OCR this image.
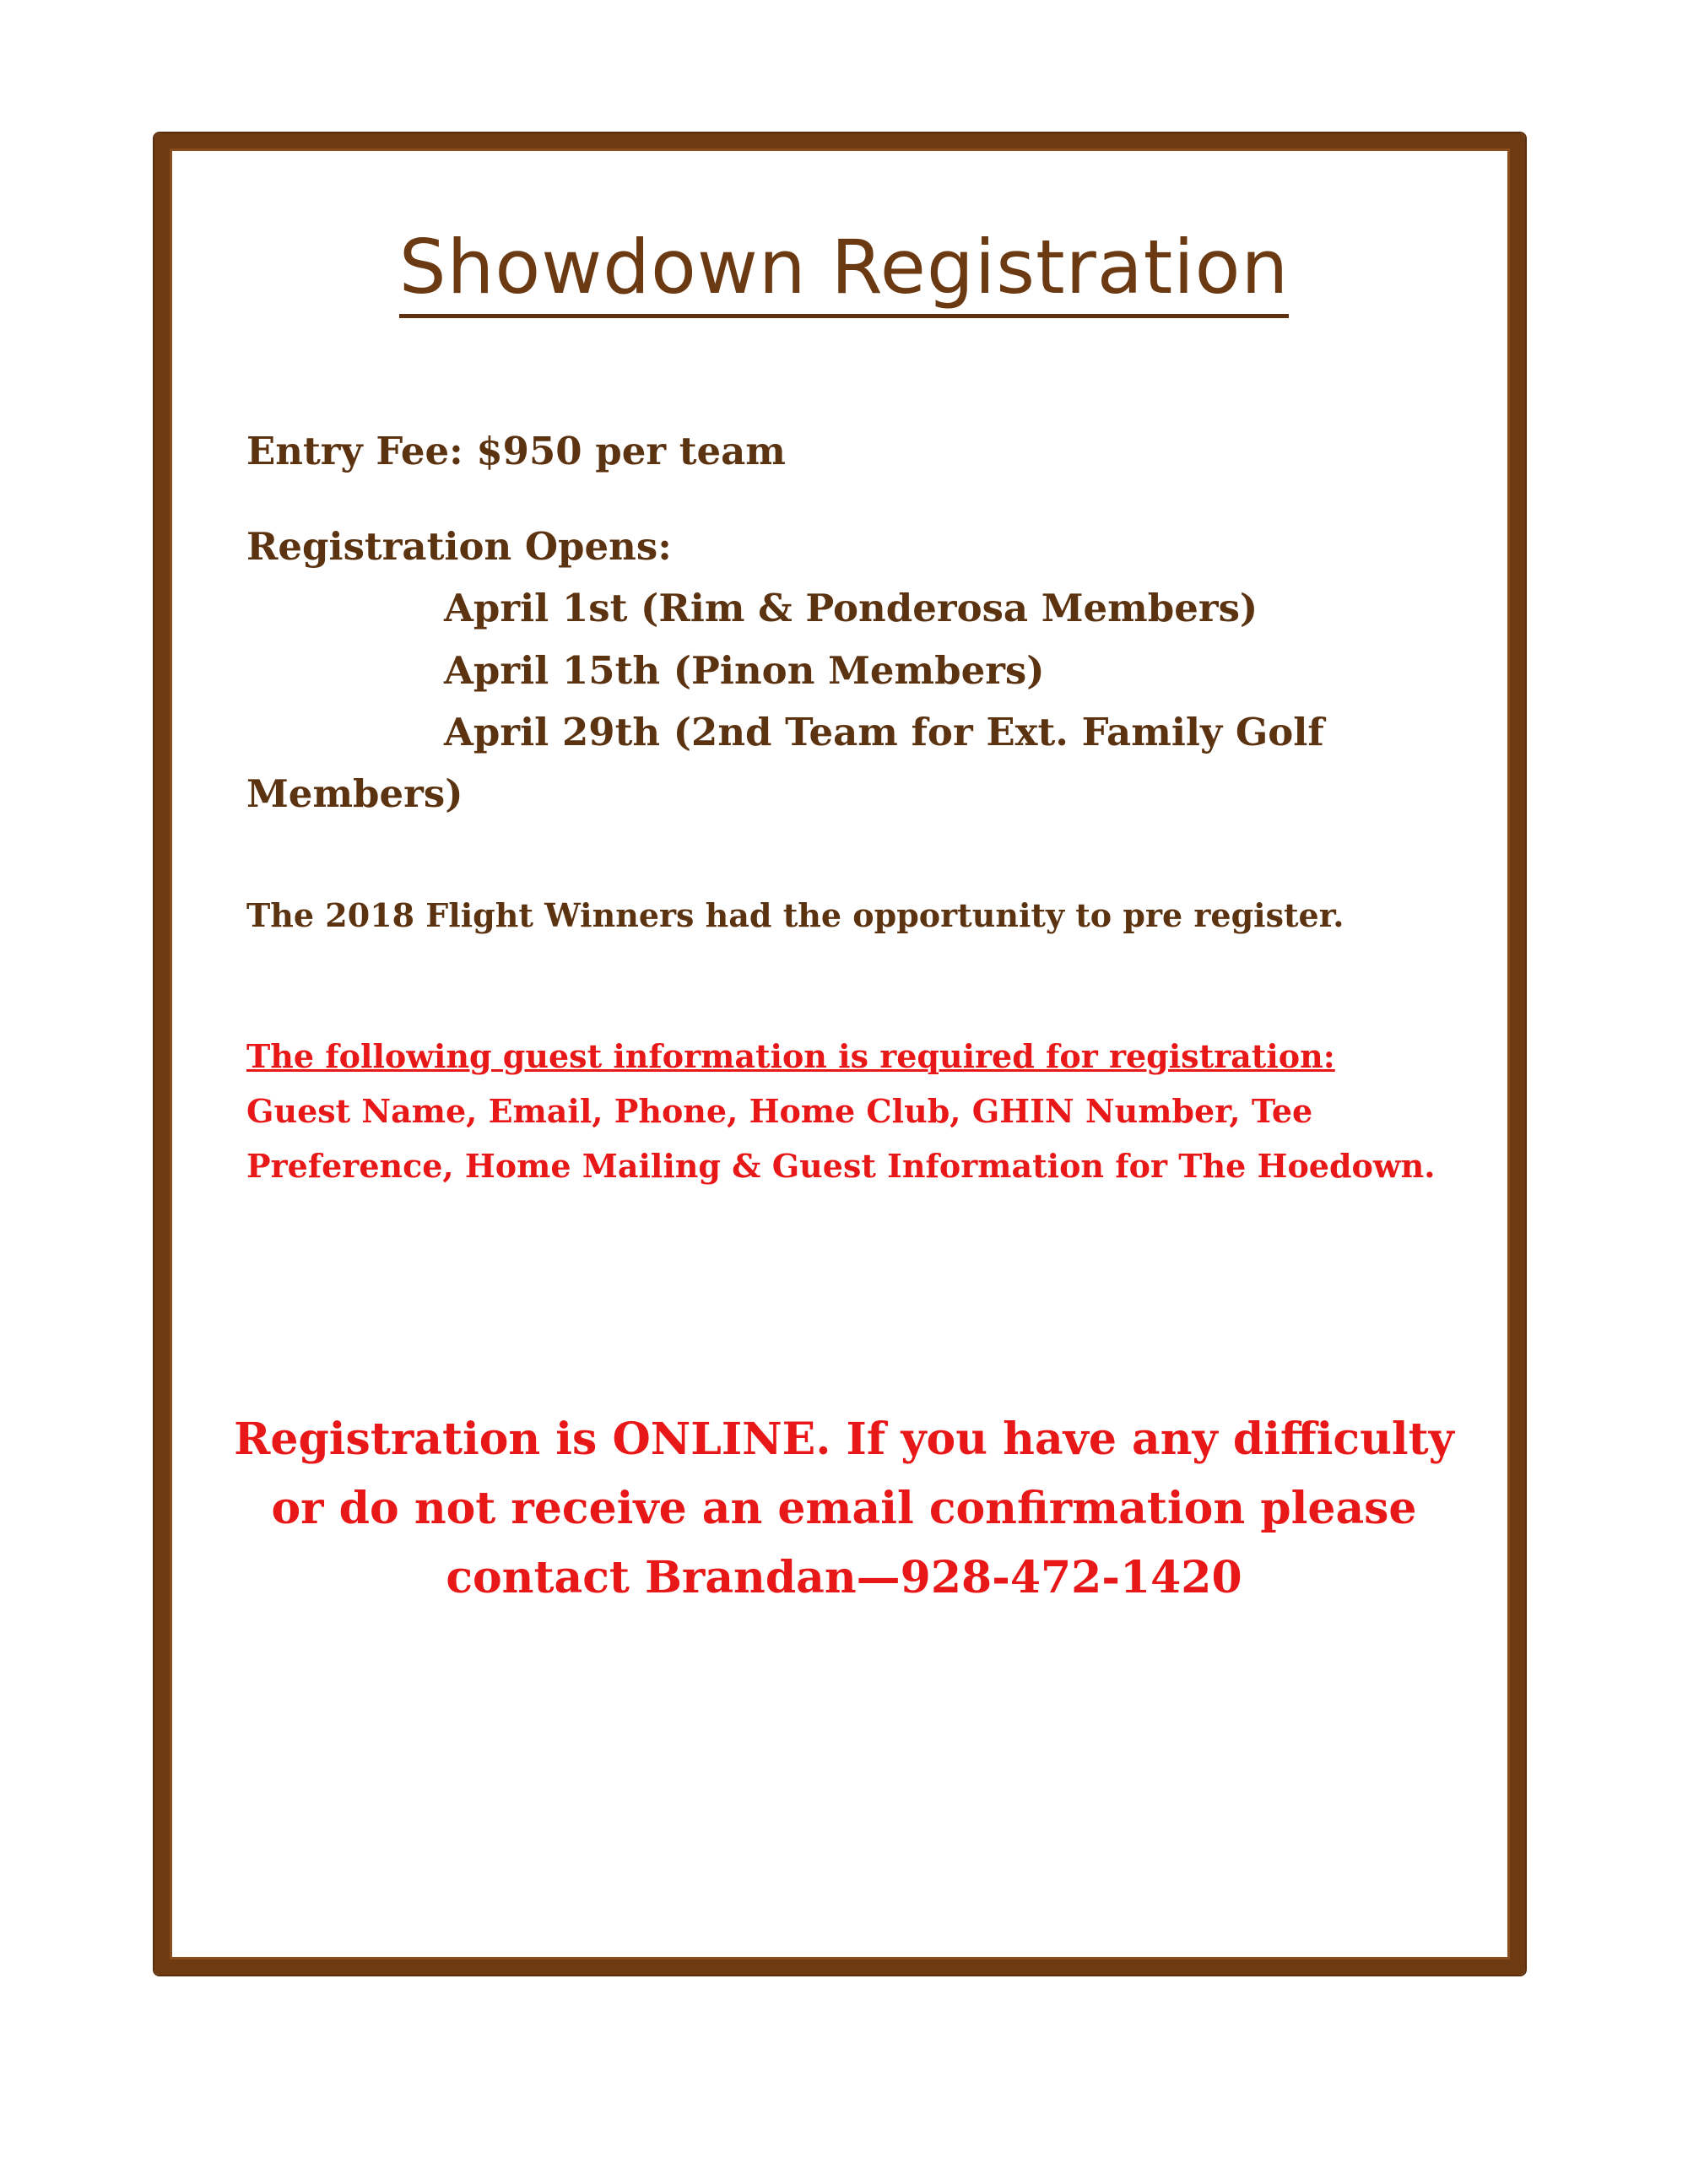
Showdown Registration
Entry Fee: $950 per team
Registration Opens:
April 1st (Rim & Ponderosa Members)
April 15th (Pinon Members)
April 29th (2nd Team for Ext. Family Golf
Members)
The 2018 Flight Winners had the opportunity to pre register.
The following guest information is required for registration:
Guest Name, Email, Phone, Home Club, GHIN Number, Tee
Preference, Home Mailing & Guest Information for The Hoedown.
Registration is ONLINE. If you have any difficulty
or do not receive an email confirmation please
contact Brandan—928-472-1420
